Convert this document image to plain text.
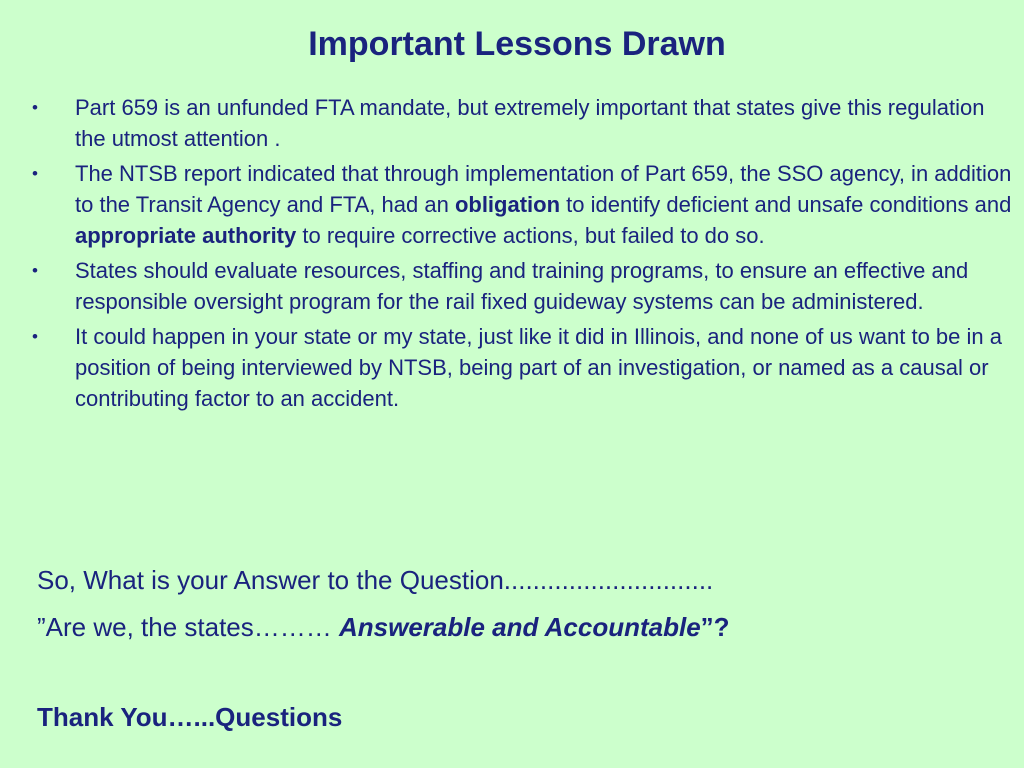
Important Lessons Drawn
• Part 659 is an unfunded FTA mandate, but extremely important that states give this regulation the utmost attention .
• The NTSB report indicated that through implementation of Part 659, the SSO agency, in addition to the Transit Agency and FTA, had an obligation to identify deficient and unsafe conditions and appropriate authority to require corrective actions, but failed to do so.
• States should evaluate resources, staffing and training programs, to ensure an effective and responsible oversight program for the rail fixed guideway systems can be administered.
• It could happen in your state or my state, just like it did in Illinois, and none of us want to be in a position of being interviewed by NTSB, being part of an investigation, or named as a causal or contributing factor to an accident.

So, What is your Answer to the Question.............................

”Are we, the states……… Answerable and Accountable”?

Thank You…...Questions
